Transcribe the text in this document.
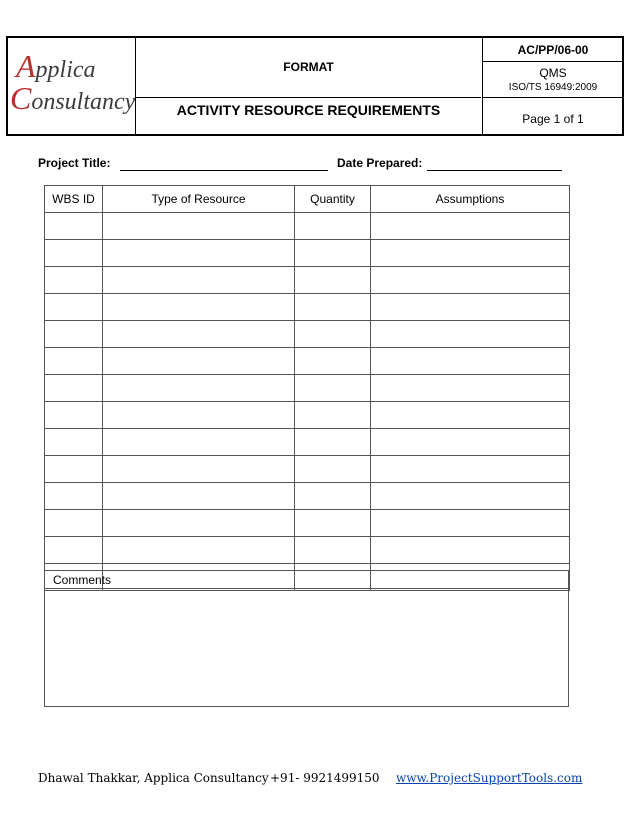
Applica
Consultancy
FORMAT
ACTIVITY RESOURCE REQUIREMENTS
AC/PP/06-00
QMS
ISO/TS 16949:2009
Page 1 of 1
Project Title:	Date Prepared:
WBS ID	Type of Resource	Quantity	Assumptions

Comments
Dhawal Thakkar, Applica Consultancy +91- 9921499150 www.ProjectSupportTools.com
